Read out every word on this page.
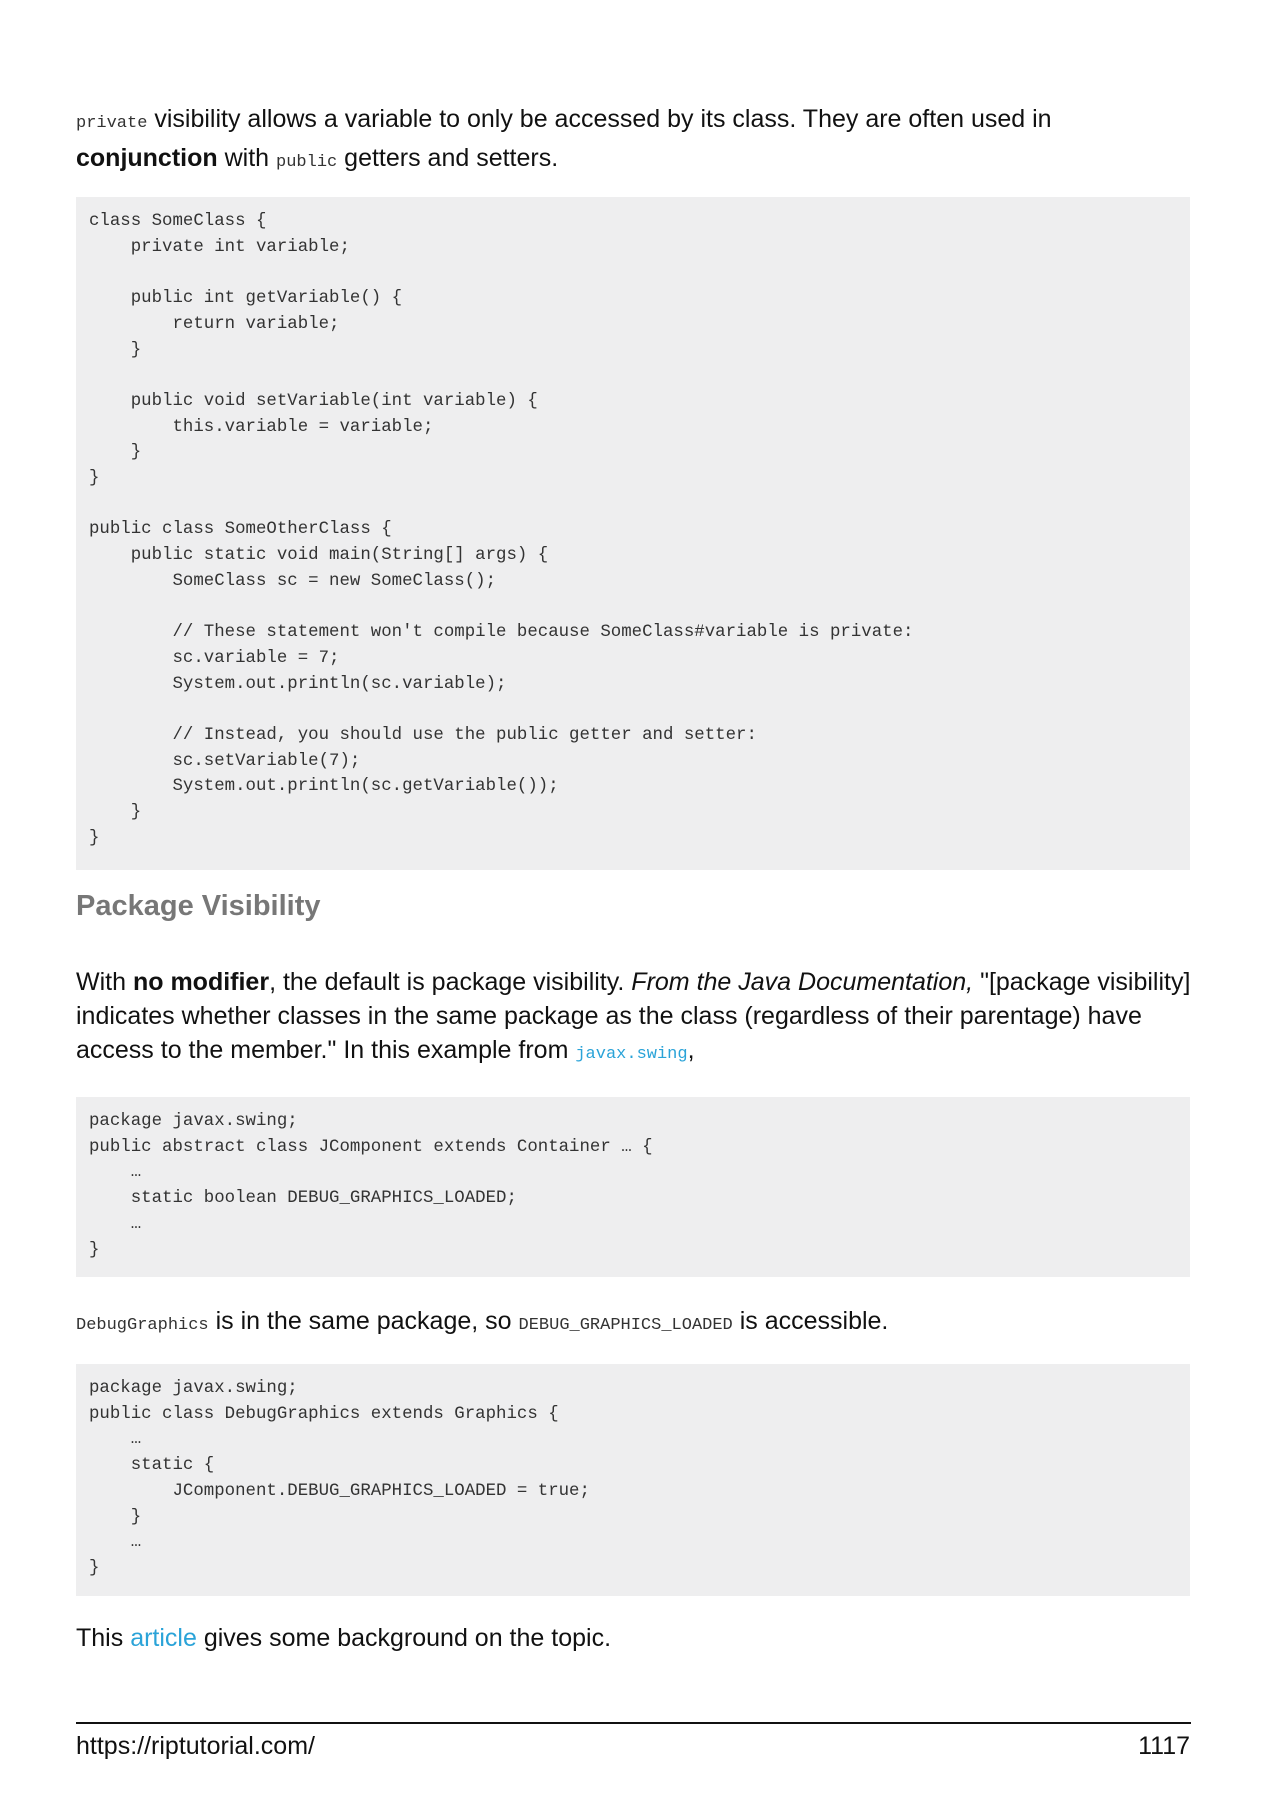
private visibility allows a variable to only be accessed by its class. They are often used in conjunction with public getters and setters.

class SomeClass {
private int variable;

public int getVariable() {
return variable;
}

public void setVariable(int variable) {
this.variable = variable;
}
}

public class SomeOtherClass {
public static void main(String[] args) {
SomeClass sc = new SomeClass();

// These statement won't compile because SomeClass#variable is private:
sc.variable = 7;
System.out.println(sc.variable);

// Instead, you should use the public getter and setter:
sc.setVariable(7);
System.out.println(sc.getVariable());
}
}
Package Visibility

With no modifier, the default is package visibility. From the Java Documentation, "[package visibility] indicates whether classes in the same package as the class (regardless of their parentage) have access to the member." In this example from javax.swing,

package javax.swing;
public abstract class JComponent extends Container … {
…
static boolean DEBUG_GRAPHICS_LOADED;
…
}

DebugGraphics is in the same package, so DEBUG_GRAPHICS_LOADED is accessible.

package javax.swing;
public class DebugGraphics extends Graphics {
…
static {
JComponent.DEBUG_GRAPHICS_LOADED = true;
}
…
}

This article gives some background on the topic.

https://riptutorial.com/	1117
